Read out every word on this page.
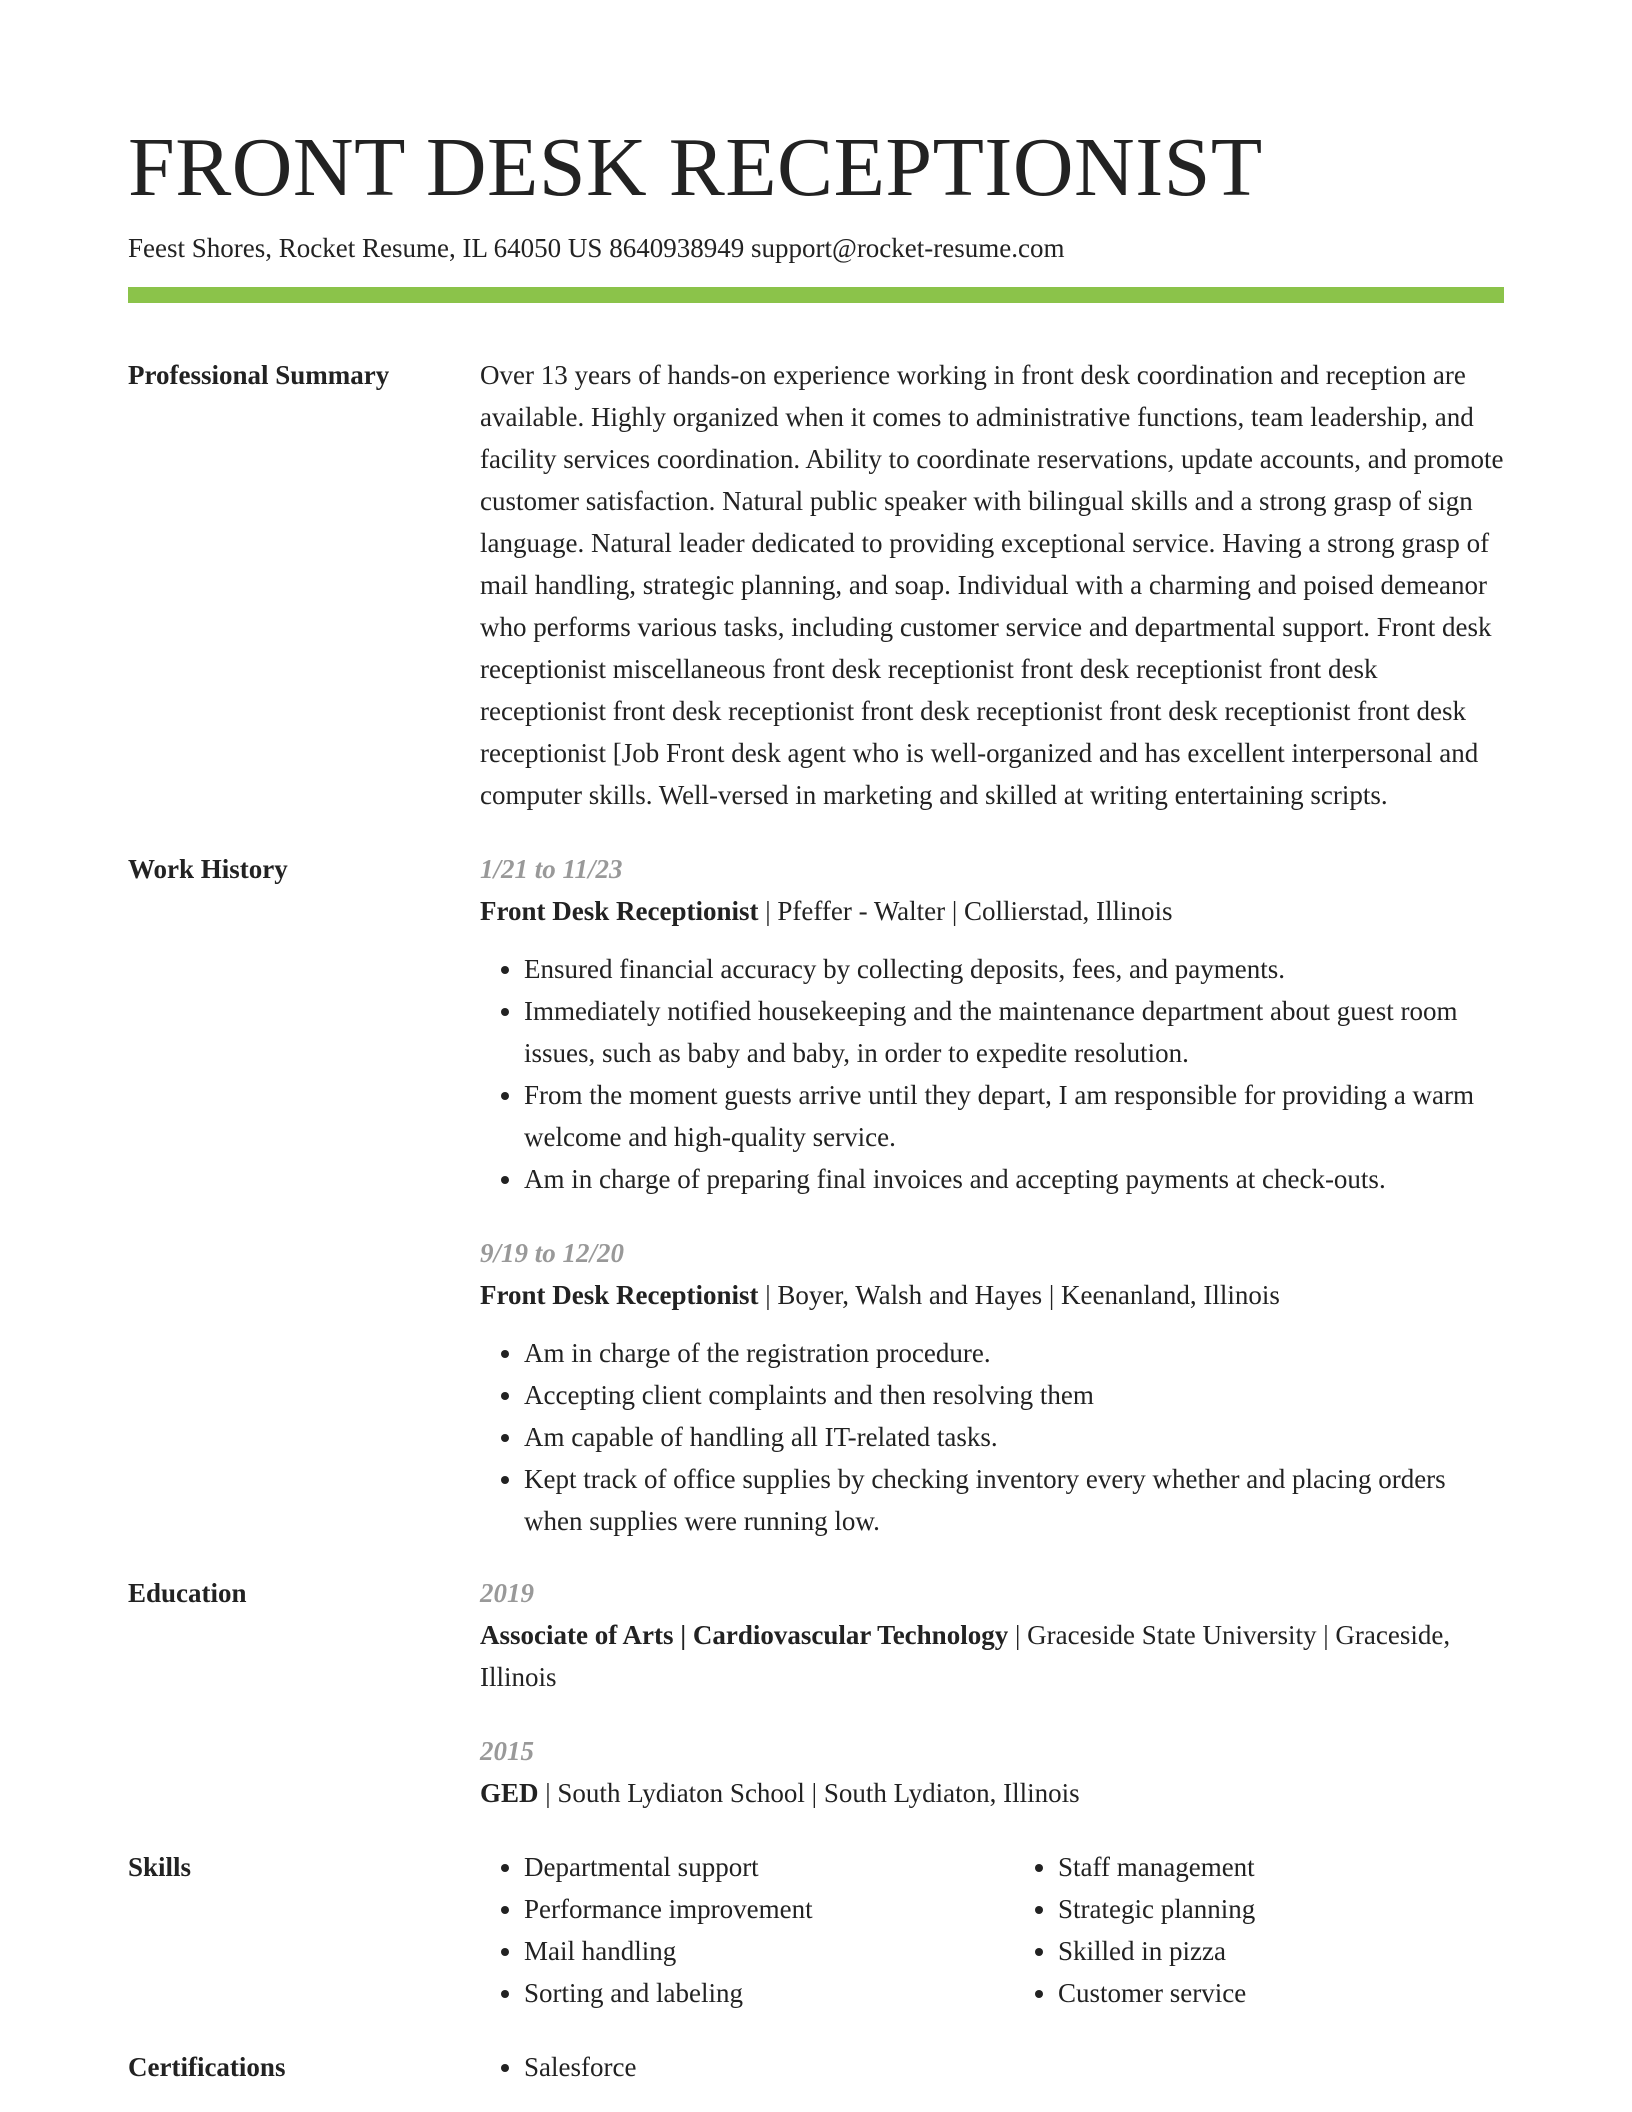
FRONT DESK RECEPTIONIST
Feest Shores, Rocket Resume, IL 64050 US 8640938949 support@rocket-resume.com
Professional Summary	Over 13 years of hands-on experience working in front desk coordination and reception are available. Highly organized when it comes to administrative functions, team leadership, and facility services coordination. Ability to coordinate reservations, update accounts, and promote customer satisfaction. Natural public speaker with bilingual skills and a strong grasp of sign language. Natural leader dedicated to providing exceptional service. Having a strong grasp of mail handling, strategic planning, and soap. Individual with a charming and poised demeanor who performs various tasks, including customer service and departmental support. Front desk receptionist miscellaneous front desk receptionist front desk receptionist front desk receptionist front desk receptionist front desk receptionist front desk receptionist front desk receptionist [Job Front desk agent who is well-organized and has excellent interpersonal and computer skills. Well-versed in marketing and skilled at writing entertaining scripts.
Work History	1/21 to 11/23
Front Desk Receptionist | Pfeffer - Walter | Collierstad, Illinois
• Ensured financial accuracy by collecting deposits, fees, and payments.
• Immediately notified housekeeping and the maintenance department about guest room issues, such as baby and baby, in order to expedite resolution.
• From the moment guests arrive until they depart, I am responsible for providing a warm welcome and high-quality service.
• Am in charge of preparing final invoices and accepting payments at check-outs.
9/19 to 12/20
Front Desk Receptionist | Boyer, Walsh and Hayes | Keenanland, Illinois
• Am in charge of the registration procedure.
• Accepting client complaints and then resolving them
• Am capable of handling all IT-related tasks.
• Kept track of office supplies by checking inventory every whether and placing orders when supplies were running low.
Education	2019
Associate of Arts | Cardiovascular Technology | Graceside State University | Graceside, Illinois
2015
GED | South Lydiaton School | South Lydiaton, Illinois
Skills	• Departmental support
• Performance improvement
• Mail handling
• Sorting and labeling
• Staff management
• Strategic planning
• Skilled in pizza
• Customer service
Certifications	• Salesforce
